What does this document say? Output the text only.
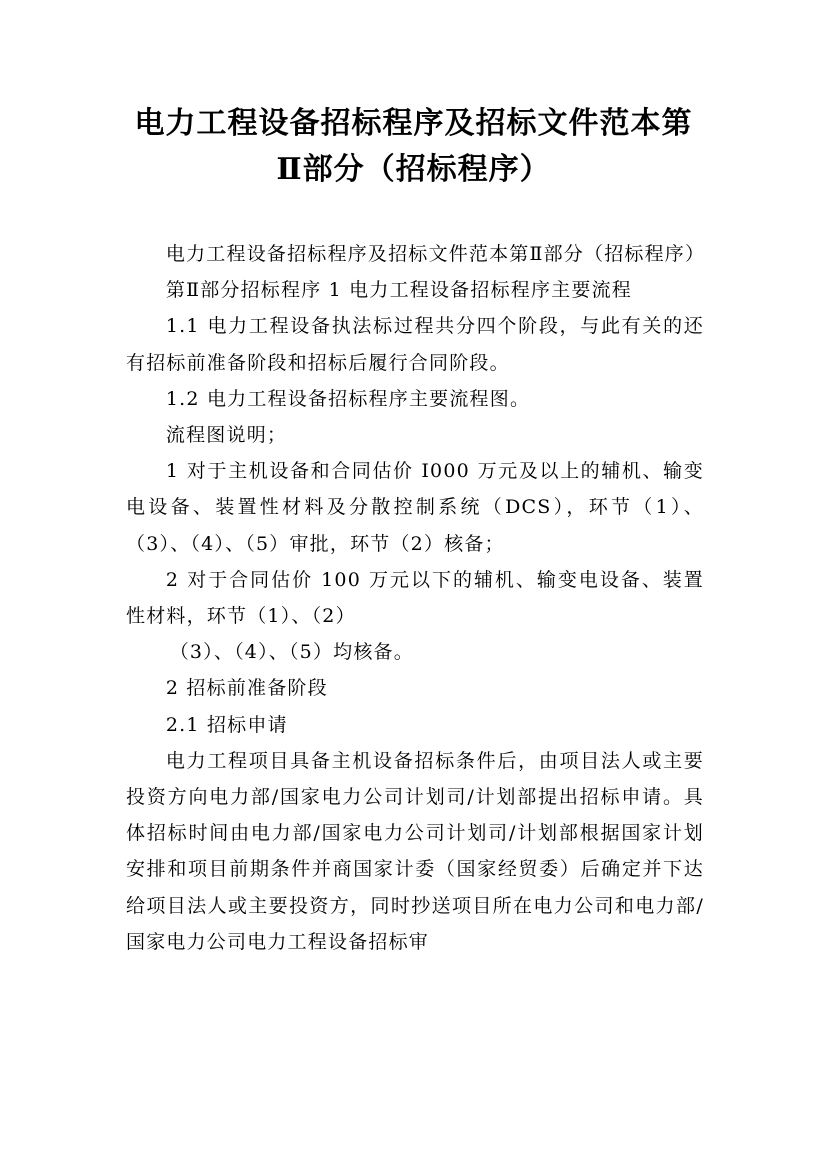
电力工程设备招标程序及招标文件范本第
Ⅱ部分（招标程序）

电力工程设备招标程序及招标文件范本第Ⅱ部分（招标程序）

第Ⅱ部分招标程序 1 电力工程设备招标程序主要流程

1.1 电力工程设备执法标过程共分四个阶段，与此有关的还有招标前准备阶段和招标后履行合同阶段。

1.2 电力工程设备招标程序主要流程图。

流程图说明；

1 对于主机设备和合同估价 I000 万元及以上的辅机、输变电设备、装置性材料及分散控制系统（DCS），环节（1）、（3）、（4）、（5）审批，环节（2）核备；

2 对于合同估价 100 万元以下的辅机、输变电设备、装置性材料，环节（1）、（2）

（3）、（4）、（5）均核备。

2 招标前准备阶段

2.1 招标申请

电力工程项目具备主机设备招标条件后，由项目法人或主要投资方向电力部/国家电力公司计划司/计划部提出招标申请。具体招标时间由电力部/国家电力公司计划司/计划部根据国家计划安排和项目前期条件并商国家计委（国家经贸委）后确定并下达给项目法人或主要投资方，同时抄送项目所在电力公司和电力部/国家电力公司电力工程设备招标审
